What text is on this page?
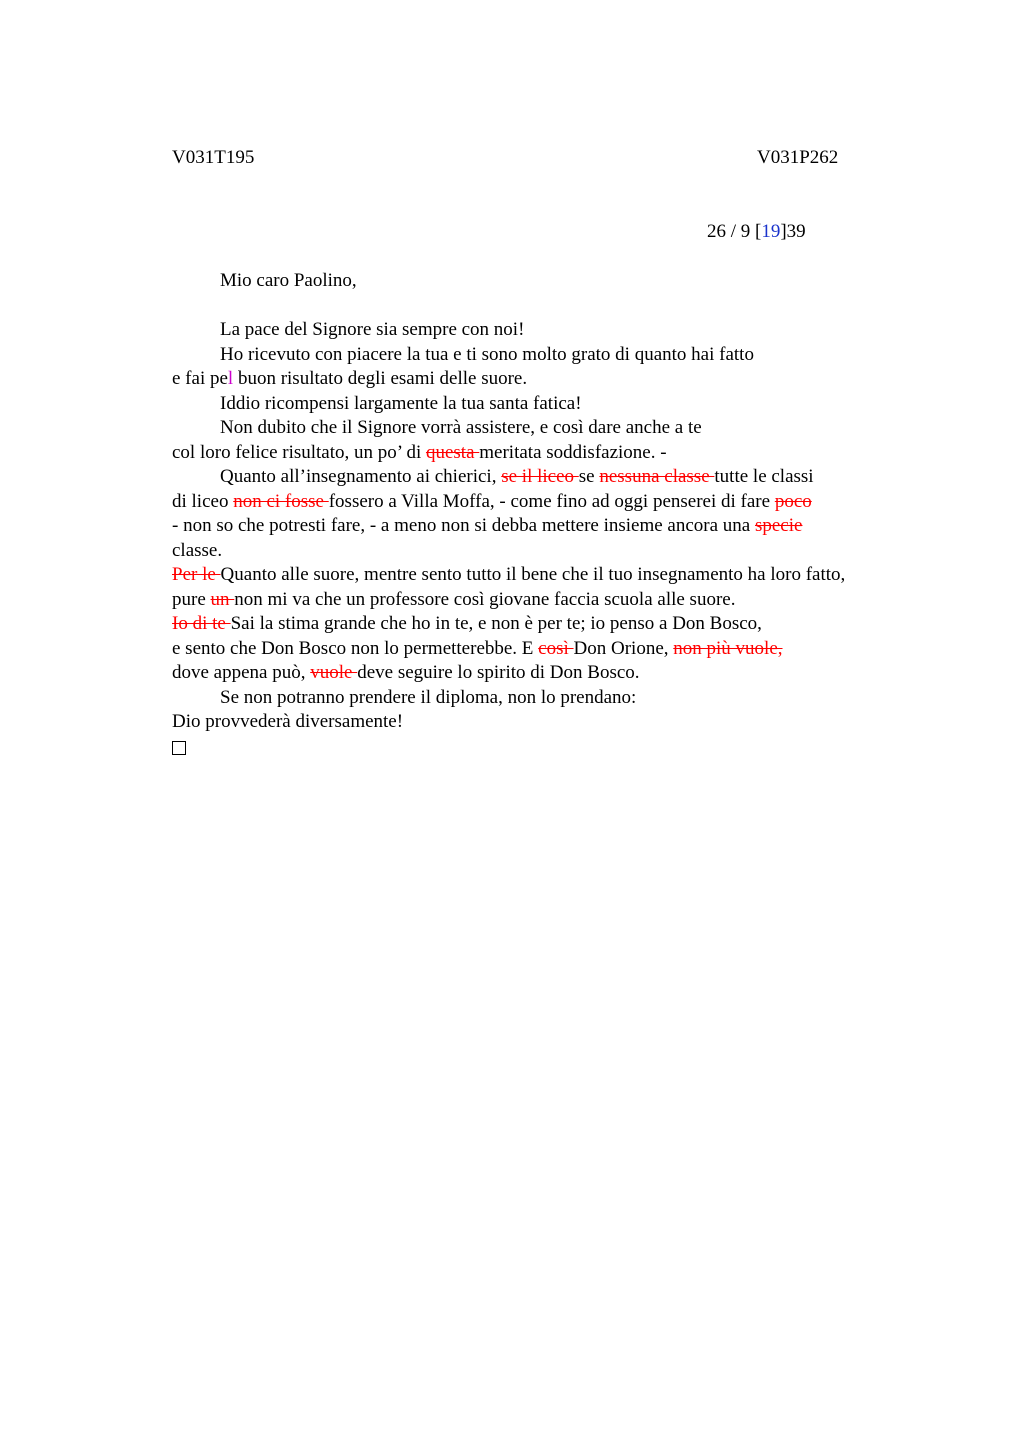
V031T195	V031P262
26 / 9 [19]39
Mio caro Paolino,
La pace del Signore sia sempre con noi!
Ho ricevuto con piacere la tua e ti sono molto grato di quanto hai fatto
e fai pel buon risultato degli esami delle suore.
Iddio ricompensi largamente la tua santa fatica!
Non dubito che il Signore vorrà assistere, e così dare anche a te
col loro felice risultato, un po’ di questa meritata soddisfazione. -
Quanto all’insegnamento ai chierici, se il liceo se nessuna classe tutte le classi
di liceo non ci fosse fossero a Villa Moffa, - come fino ad oggi penserei di fare poco
- non so che potresti fare, - a meno non si debba mettere insieme ancora una specie
classe.
Per le Quanto alle suore, mentre sento tutto il bene che il tuo insegnamento ha loro fatto,
pure un non mi va che un professore così giovane faccia scuola alle suore.
Io di te Sai la stima grande che ho in te, e non è per te; io penso a Don Bosco,
e sento che Don Bosco non lo permetterebbe. E così Don Orione, non più vuole,
dove appena può, vuole deve seguire lo spirito di Don Bosco.
Se non potranno prendere il diploma, non lo prendano:
Dio provvederà diversamente!
